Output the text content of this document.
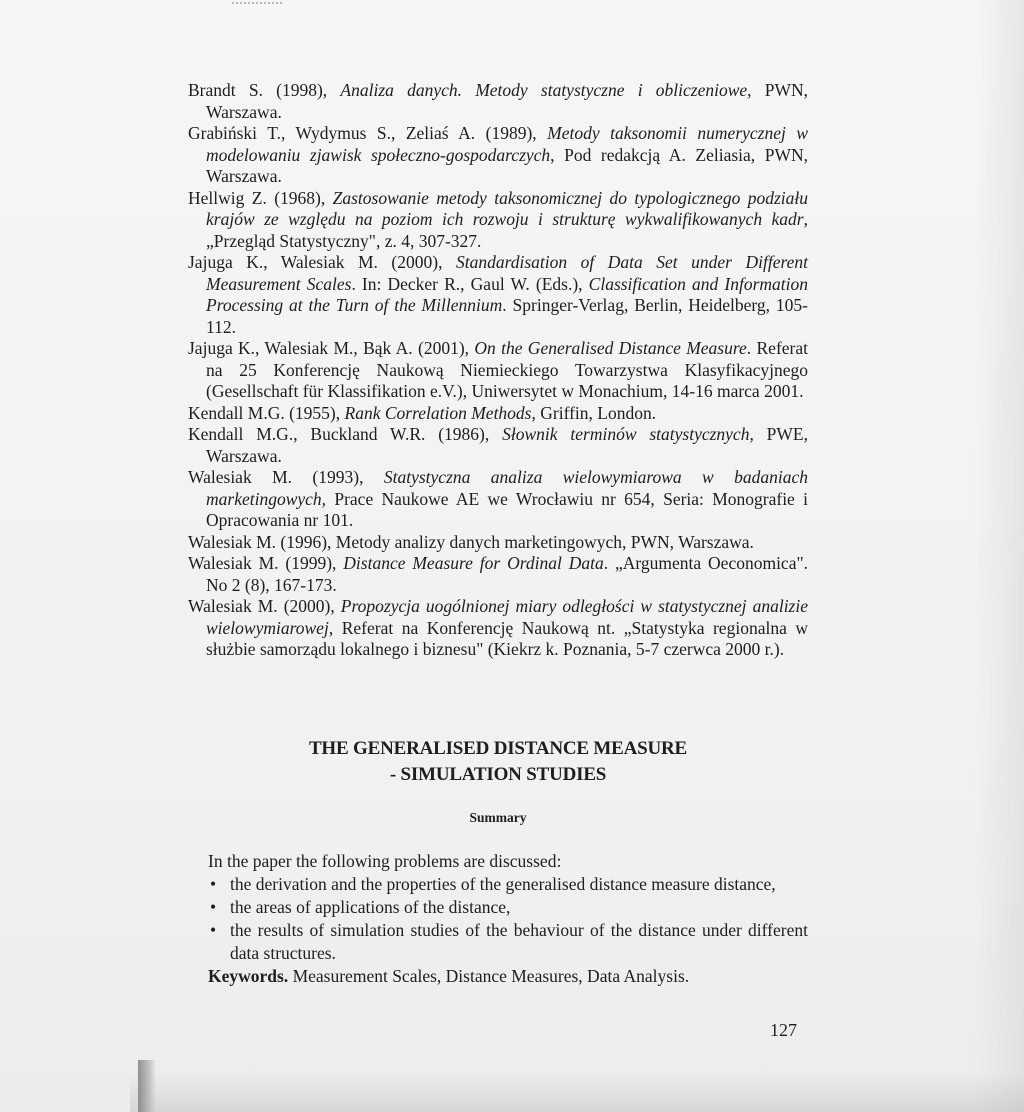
Brandt S. (1998), Analiza danych. Metody statystyczne i obliczeniowe, PWN, Warszawa.

Grabiński T., Wydymus S., Zeliaś A. (1989), Metody taksonomii numerycznej w modelowaniu zjawisk społeczno-gospodarczych, Pod redakcją A. Zeliasia, PWN, Warszawa.

Hellwig Z. (1968), Zastosowanie metody taksonomicznej do typologicznego podziału krajów ze względu na poziom ich rozwoju i strukturę wykwalifikowanych kadr, „Przegląd Statystyczny", z. 4, 307-327.

Jajuga K., Walesiak M. (2000), Standardisation of Data Set under Different Measurement Scales. In: Decker R., Gaul W. (Eds.), Classification and Information Processing at the Turn of the Millennium. Springer-Verlag, Berlin, Heidelberg, 105-112.

Jajuga K., Walesiak M., Bąk A. (2001), On the Generalised Distance Measure. Referat na 25 Konferencję Naukową Niemieckiego Towarzystwa Klasyfikacyjnego (Gesellschaft für Klassifikation e.V.), Uniwersytet w Monachium, 14-16 marca 2001.

Kendall M.G. (1955), Rank Correlation Methods, Griffin, London.

Kendall M.G., Buckland W.R. (1986), Słownik terminów statystycznych, PWE, Warszawa.

Walesiak M. (1993), Statystyczna analiza wielowymiarowa w badaniach marketingowych, Prace Naukowe AE we Wrocławiu nr 654, Seria: Monografie i Opracowania nr 101.

Walesiak M. (1996), Metody analizy danych marketingowych, PWN, Warszawa.

Walesiak M. (1999), Distance Measure for Ordinal Data. „Argumenta Oeconomica". No 2 (8), 167-173.

Walesiak M. (2000), Propozycja uogólnionej miary odległości w statystycznej analizie wielowymiarowej, Referat na Konferencję Naukową nt. „Statystyka regionalna w służbie samorządu lokalnego i biznesu" (Kiekrz k. Poznania, 5-7 czerwca 2000 r.).

THE GENERALISED DISTANCE MEASURE

- SIMULATION STUDIES

Summary

In the paper the following problems are discussed:

• the derivation and the properties of the generalised distance measure distance,
• the areas of applications of the distance,
• the results of simulation studies of the behaviour of the distance under different data structures.

Keywords. Measurement Scales, Distance Measures, Data Analysis.

127
